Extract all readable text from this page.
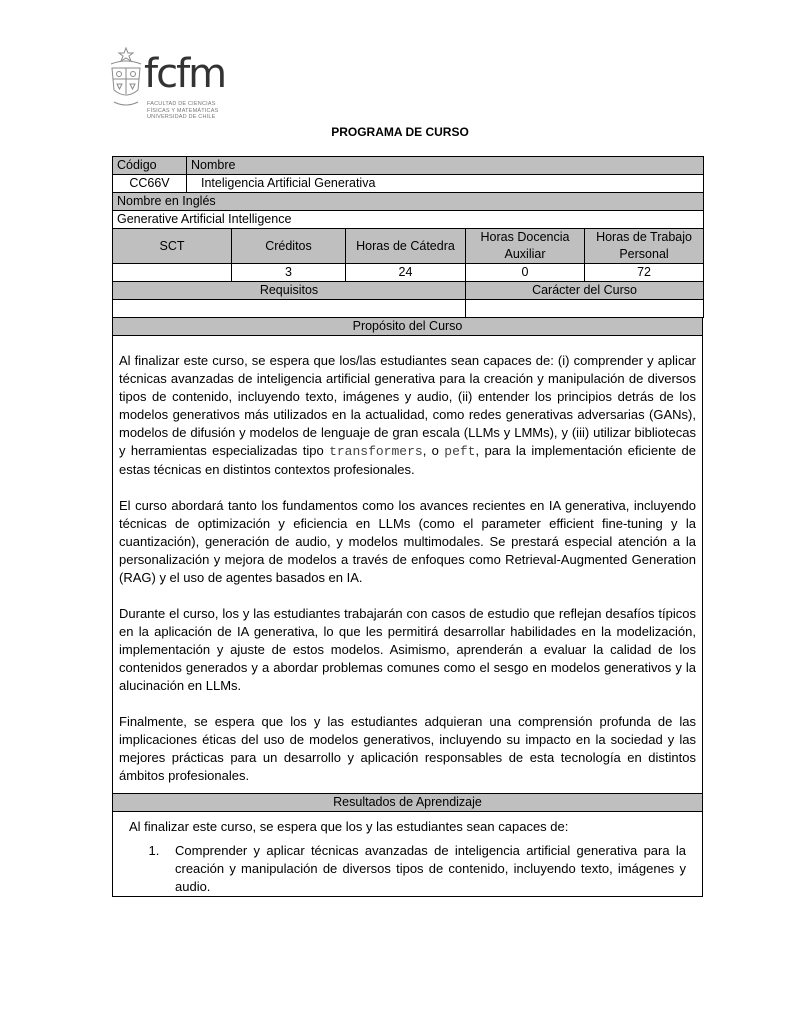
fcfm
FACULTAD DE CIENCIAS
FÍSICAS Y MATEMÁTICAS
UNIVERSIDAD DE CHILE
PROGRAMA DE CURSO
Código	Nombre				
CC66V	Inteligencia Artificial Generativa				
Nombre en Inglés					
Generative Artificial Intelligence					
SCT		Créditos	Horas de Cátedra	Horas Docencia Auxiliar	Horas de Trabajo Personal
		3	24	0	72
Requisitos				Carácter del Curso	

Propósito del Curso

Al finalizar este curso, se espera que los/las estudiantes sean capaces de: (i) comprender y aplicar técnicas avanzadas de inteligencia artificial generativa para la creación y manipulación de diversos tipos de contenido, incluyendo texto, imágenes y audio, (ii) entender los principios detrás de los modelos generativos más utilizados en la actualidad, como redes generativas adversarias (GANs), modelos de difusión y modelos de lenguaje de gran escala (LLMs y LMMs), y (iii) utilizar bibliotecas y herramientas especializadas tipo transformers, o peft, para la implementación eficiente de estas técnicas en distintos contextos profesionales.

El curso abordará tanto los fundamentos como los avances recientes en IA generativa, incluyendo técnicas de optimización y eficiencia en LLMs (como el parameter efficient fine-tuning y la cuantización), generación de audio, y modelos multimodales. Se prestará especial atención a la personalización y mejora de modelos a través de enfoques como Retrieval-Augmented Generation (RAG) y el uso de agentes basados en IA.

Durante el curso, los y las estudiantes trabajarán con casos de estudio que reflejan desafíos típicos en la aplicación de IA generativa, lo que les permitirá desarrollar habilidades en la modelización, implementación y ajuste de estos modelos. Asimismo, aprenderán a evaluar la calidad de los contenidos generados y a abordar problemas comunes como el sesgo en modelos generativos y la alucinación en LLMs.

Finalmente, se espera que los y las estudiantes adquieran una comprensión profunda de las implicaciones éticas del uso de modelos generativos, incluyendo su impacto en la sociedad y las mejores prácticas para un desarrollo y aplicación responsables de esta tecnología en distintos ámbitos profesionales.

Resultados de Aprendizaje

Al finalizar este curso, se espera que los y las estudiantes sean capaces de:

1. Comprender y aplicar técnicas avanzadas de inteligencia artificial generativa para la creación y manipulación de diversos tipos de contenido, incluyendo texto, imágenes y audio.
